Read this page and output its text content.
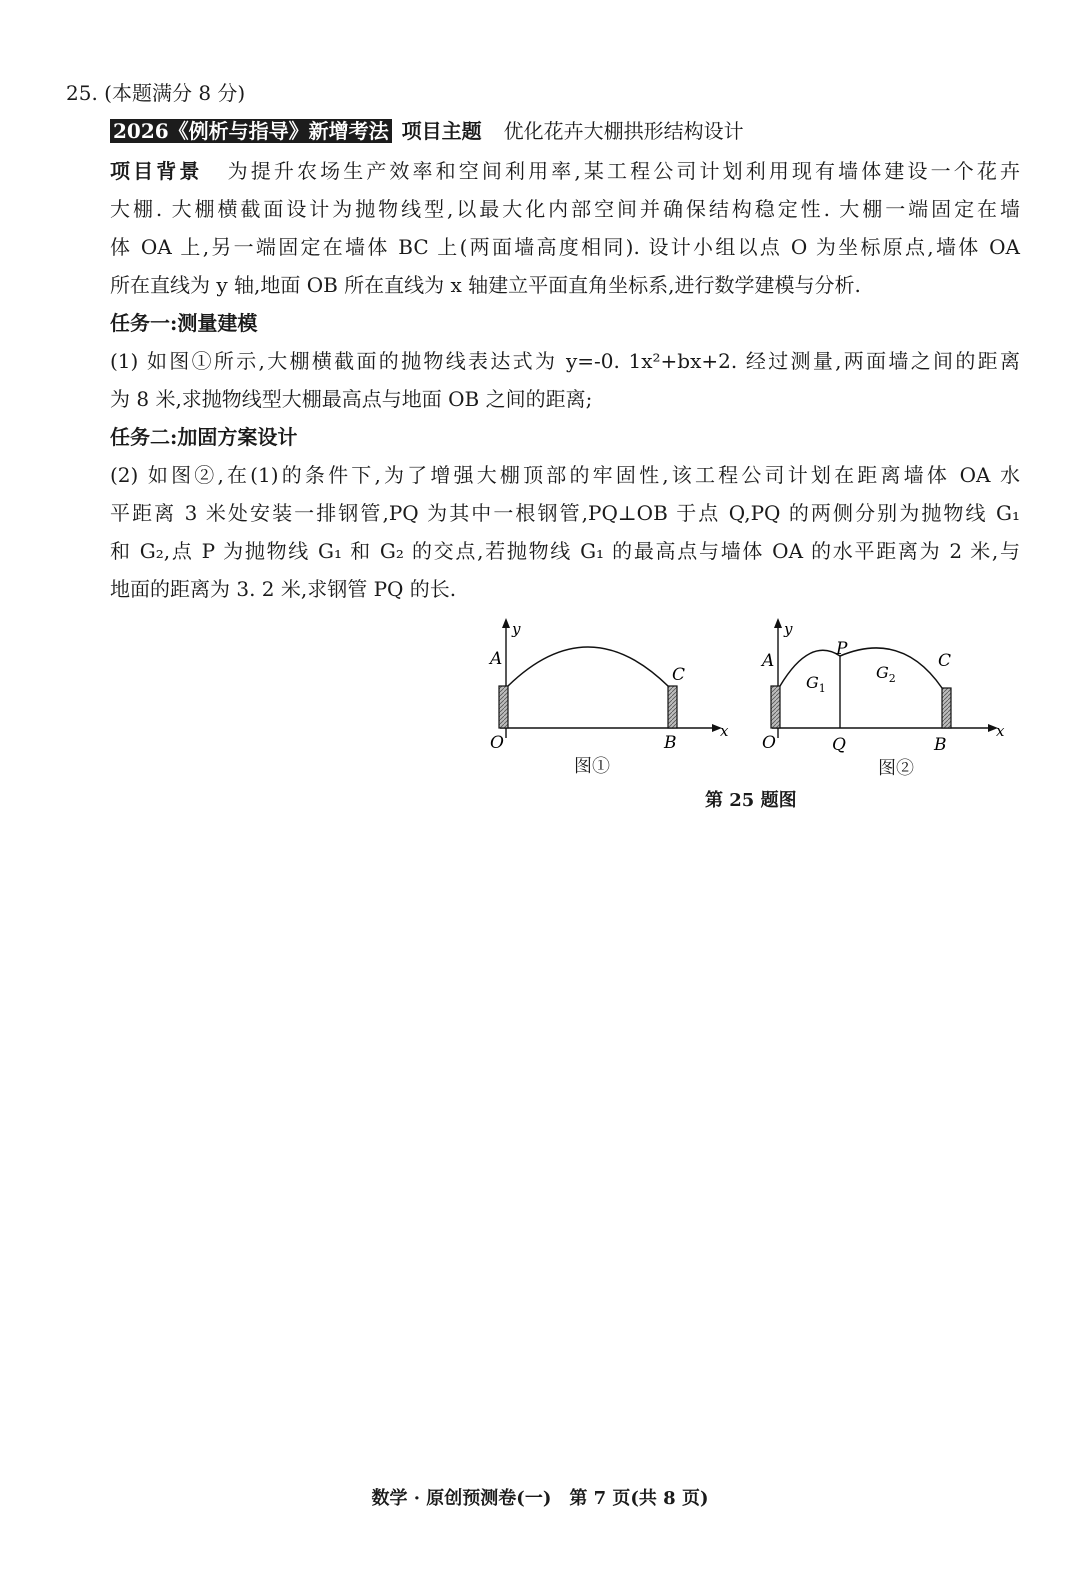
25. (本题满分 8 分)
2026《例析与指导》新增考法 项目主题 优化花卉大棚拱形结构设计
项目背景 为提升农场生产效率和空间利用率,某工程公司计划利用现有墙体建设一个花卉
大棚. 大棚横截面设计为抛物线型,以最大化内部空间并确保结构稳定性. 大棚一端固定在墙
体 OA 上,另一端固定在墙体 BC 上(两面墙高度相同). 设计小组以点 O 为坐标原点,墙体 OA
所在直线为 y 轴,地面 OB 所在直线为 x 轴建立平面直角坐标系,进行数学建模与分析.
任务一:测量建模
(1) 如图①所示,大棚横截面的抛物线表达式为 y=-0. 1x²+bx+2. 经过测量,两面墙之间的距离
为 8 米,求抛物线型大棚最高点与地面 OB 之间的距离;
任务二:加固方案设计
(2) 如图②,在(1)的条件下,为了增强大棚顶部的牢固性,该工程公司计划在距离墙体 OA 水
平距离 3 米处安装一排钢管,PQ 为其中一根钢管,PQ⊥OB 于点 Q,PQ 的两侧分别为抛物线 G₁
和 G₂,点 P 为抛物线 G₁ 和 G₂ 的交点,若抛物线 G₁ 的最高点与墙体 OA 的水平距离为 2 米,与
地面的距离为 3. 2 米,求钢管 PQ 的长.
y
A
C
O	B
x
图①
y
A
P
C
$G_1$
$G_2$
O	Q	B
x
图②
第 25 题图
数学 · 原创预测卷(一)　第 7 页(共 8 页)
